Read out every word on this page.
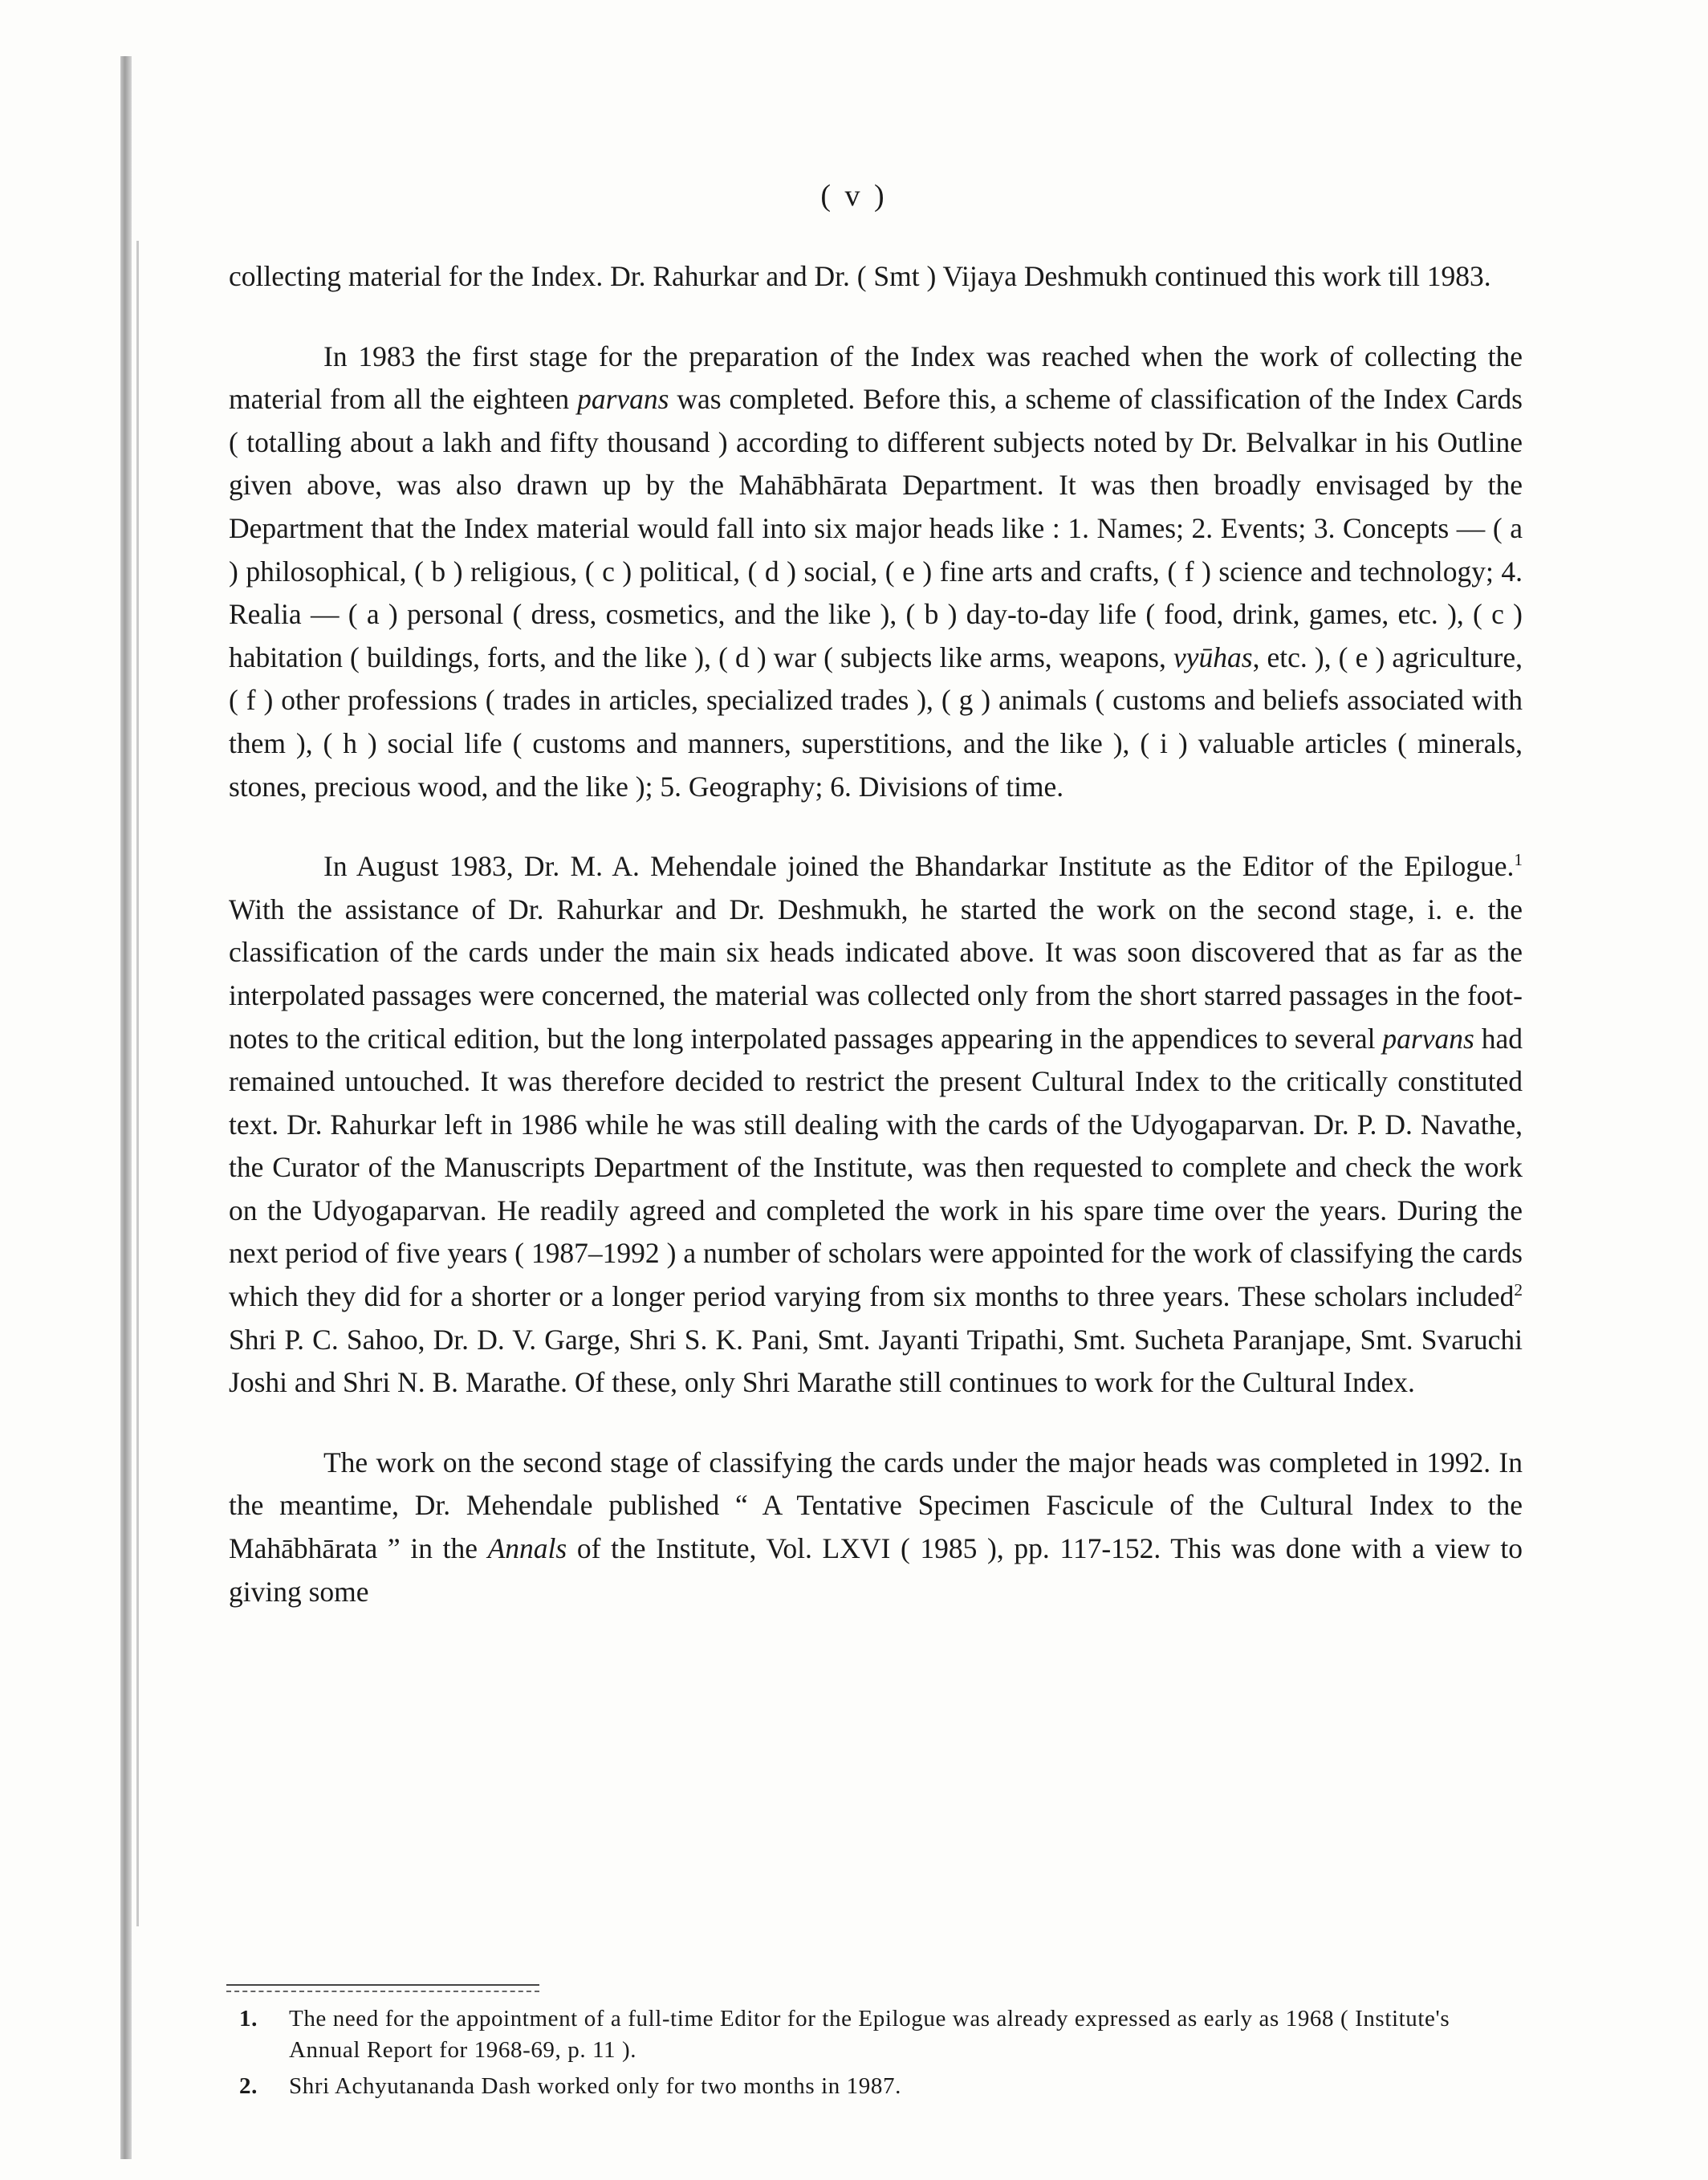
( v )

collecting material for the Index. Dr. Rahurkar and Dr. ( Smt ) Vijaya Deshmukh continued this work till 1983.

In 1983 the first stage for the preparation of the Index was reached when the work of collecting the material from all the eighteen parvans was completed. Before this, a scheme of classification of the Index Cards ( totalling about a lakh and fifty thousand ) according to different subjects noted by Dr. Belvalkar in his Outline given above, was also drawn up by the Mahābhārata Department. It was then broadly envisaged by the Department that the Index material would fall into six major heads like : 1. Names; 2. Events; 3. Concepts — ( a ) philosophical, ( b ) religious, ( c ) political, ( d ) social, ( e ) fine arts and crafts, ( f ) science and technology; 4. Realia — ( a ) personal ( dress, cosmetics, and the like ), ( b ) day-to-day life ( food, drink, games, etc. ), ( c ) habitation ( buildings, forts, and the like ), ( d ) war ( subjects like arms, weapons, vyūhas, etc. ), ( e ) agriculture, ( f ) other professions ( trades in articles, specialized trades ), ( g ) animals ( customs and beliefs associated with them ), ( h ) social life ( customs and manners, superstitions, and the like ), ( i ) valuable articles ( minerals, stones, precious wood, and the like ); 5. Geography; 6. Divisions of time.

In August 1983, Dr. M. A. Mehendale joined the Bhandarkar Institute as the Editor of the Epilogue.$^1$ With the assistance of Dr. Rahurkar and Dr. Deshmukh, he started the work on the second stage, i. e. the classification of the cards under the main six heads indicated above. It was soon discovered that as far as the interpolated passages were concerned, the material was collected only from the short starred passages in the foot-notes to the critical edition, but the long interpolated passages appearing in the appendices to several parvans had remained untouched. It was therefore decided to restrict the present Cultural Index to the critically constituted text. Dr. Rahurkar left in 1986 while he was still dealing with the cards of the Udyogaparvan. Dr. P. D. Navathe, the Curator of the Manuscripts Department of the Institute, was then requested to complete and check the work on the Udyogaparvan. He readily agreed and completed the work in his spare time over the years. During the next period of five years ( 1987–1992 ) a number of scholars were appointed for the work of classifying the cards which they did for a shorter or a longer period varying from six months to three years. These scholars included$^2$ Shri P. C. Sahoo, Dr. D. V. Garge, Shri S. K. Pani, Smt. Jayanti Tripathi, Smt. Sucheta Paranjape, Smt. Svaruchi Joshi and Shri N. B. Marathe. Of these, only Shri Marathe still continues to work for the Cultural Index.

The work on the second stage of classifying the cards under the major heads was completed in 1992. In the meantime, Dr. Mehendale published “ A Tentative Specimen Fascicule of the Cultural Index to the Mahābhārata ” in the Annals of the Institute, Vol. LXVI ( 1985 ), pp. 117-152. This was done with a view to giving some

1. The need for the appointment of a full-time Editor for the Epilogue was already expressed as early as 1968 ( Institute's Annual Report for 1968-69, p. 11 ).
2. Shri Achyutananda Dash worked only for two months in 1987.
